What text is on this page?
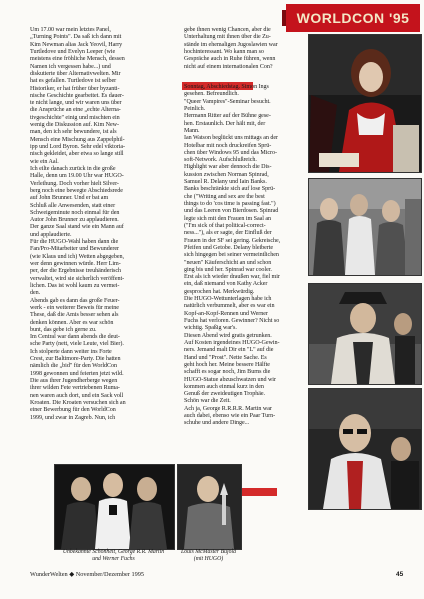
WORLDCON '95
Um 17.00 war mein letztes Panel,
„Turning Points". Da saß ich dann mit
Kim Newman alias Jack Yeovil, Harry
Turtledove und Evelyn Leeper (wie
meistens eine fröhliche Mensch, dessen
Namen ich vergessen habe...) und
diskutierte über Alternativwelten. Mir
hat es gefallen. Turtledove ist selber
Historiker, er hat früher über byzanti-
nische Geschichte gearbeitet. Es dauer-
te nicht lange, und wir waren uns über
die Ansprüche an eine „echte Alterna-
tivgeschichte" einig und mischten ein
wenig die Diskussion auf. Kim New-
man, den ich sehr bewundere, ist als
Mensch eine Mischung aus Zappelphil-
ipp und Lord Byron. Sehr edel viktoria-
nisch gekleidet, aber etwa so lange still
wie ein Aal.
Ich eilte danach zurück in die große
Halle, denn um 19.00 Uhr war HUGO-
Verleihung. Doch vorher hielt Silver-
berg noch eine bewegte Abschiedsrede
auf John Brunner. Und er bat am
Schluß alle Anwesenden, statt einer
Schweigeminute noch einmal für den
Autor John Brunner zu applaudieren.
Der ganze Saal stand wie ein Mann auf
und applaudierte.
Für die HUGO-Wahl haben dann die
Fan/Pro-Mitarbeiter und Bewunderer
(wie Klaus und ich) Wetten abgegeben,
wer denn gewinnen würde. Herr Lim-
per, der die Ergebnisse treuhänderisch
verwaltet, wird sie sicherlich veröffent-
lichen. Das ist wohl kaum zu vermei-
den.
Abends gab es dann das große Feuer-
werk - ein weiterer Beweis für meine
These, daß die Amis besser sehen als
denken können. Aber es war schön
bunt, das gebe ich gerne zu.
Im Central war dann abends die deut-
sche Party (nett, viele Leute, viel Bier).
Ich stolperte dann weiter ins Forte
Crest, zur Baltimore-Party. Die hatten
nämlich die „bid" für den WorldCon
1998 gewonnen und feierten jetzt wild.
Die aus ihrer Jugendherberge wegen
ihrer wilden Fete vertriebenen Ruma-
nen waren auch dort, und ein Sack voll
Kroaten. Die Kroaten versuchen sich an
einer Bewerbung für den WorldCon
1999, und zwar in Zagreb. Nun, ich
gebe ihnen wenig Chancen, aber die
Unterhaltung mit ihnen über die Zu-
stände im ehemaligen Jugoslawien war
hochinteressant. Wo kann man so
Gespräche auch in Ruhe führen, wenn
nicht auf einem internationalen Con?
Sonntag, Abschiedstag. Simon Ings
gesehen. Befreundlich.
"Queer Vampires"-Seminar besucht.
Peinlich.
Hermann Ritter auf der Bühne gese-
hen. Erstaunlich. Der hält mit, der
Mann.
Ian Watson beglückt uns mittags an der
Hotelbar mit noch druckreifen Sprü-
chen über Windows 95 und das Micro-
soft-Network. Aufschlußreich.
Highlight war aber dennoch die Dis-
kussion zwischen Norman Spinrad,
Samuel R. Delany und Iain Banks.
Banks beschränkte sich auf lose Sprü-
che ("Writing and sex are the best
things to do 'cos time is passing fast.")
und das Leeren von Bierdosen. Spinrad
legte sich mit den Frauen im Saal an
("I'm sick of that political-correct-
ness..."), als er sagte, der Einfluß der
Frauen in der SF sei gering. Gekreische,
Pfeifen und Getobe. Delany bleiberte
sich hingegen bei seiner vermeintlichen
"neuen" Käuferschicht an und schon
ging bis und her. Spinrad war cooler.
Erst als ich wieder draußen war, fiel mir
ein, daß niemand von Kathy Acker
gesprochen hat. Merkwürdig.
Die HUGO-Wettunterlagen habe ich
natürlich verbummelt, aber es war ein
Kopf-an-Kopf-Rennen und Werner
Fuchs hat verloren. Gewinner? Nicht so
wichtig. Spaßig war's.
Diesen Abend wird gratis getrunken.
Auf Kosten irgendeines HUGO-Gewin-
ners. Jemand malt Dir ein "L" auf die
Hand und "Prost". Nette Sache. Es
geht hoch her. Meine bessere Hälfte
schafft es sogar noch, Jim Burns die
HUGO-Statue abzuschwatzen und wir
kommen auch einmal kurz in den
Genuß der zweideutigen Trophäe.
Schön war die Zeit.
Ach ja, George R.R.R.R. Martin war
auch dabei, ebenso wie ein Paar Turn-
schuhe und andere Dinge...
Unbekannte Schönheit, George R.R. Martin
und Werner Fuchs
Louis McMaster Bujold
(mit HUGO)
WunderWelten ◆ November/Dezember 1995	45
